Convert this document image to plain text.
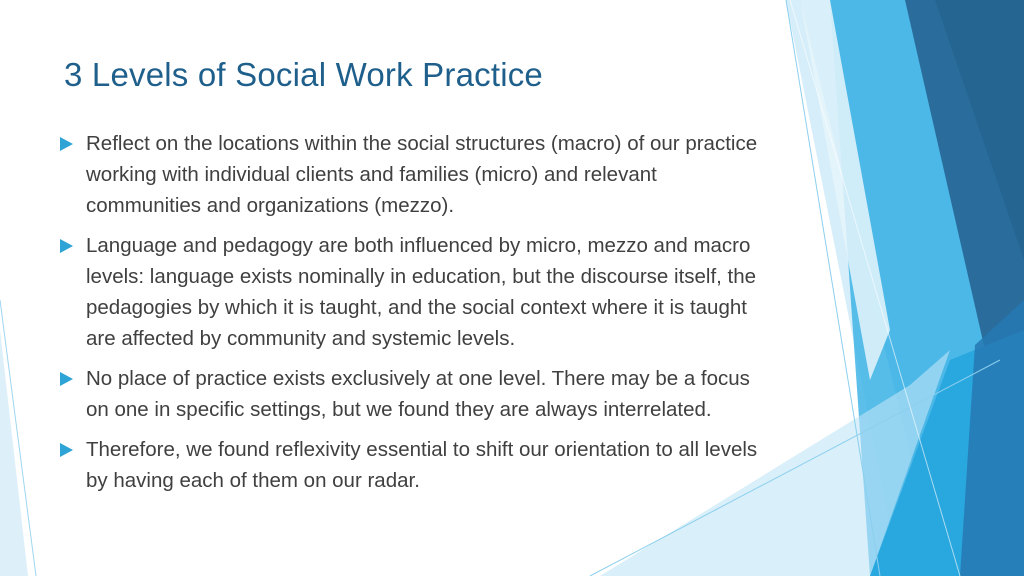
3 Levels of Social Work Practice
Reflect on the locations within the social structures (macro) of our practice working with individual clients and families (micro) and relevant communities and organizations (mezzo).
Language and pedagogy are both influenced by micro, mezzo and macro levels: language exists nominally in education, but the discourse itself, the pedagogies by which it is taught, and the social context where it is taught are affected by community and systemic levels.
No place of practice exists exclusively at one level. There may be a focus on one in specific settings, but we found they are always interrelated.
Therefore, we found reflexivity essential to shift our orientation to all levels by having each of them on our radar.
